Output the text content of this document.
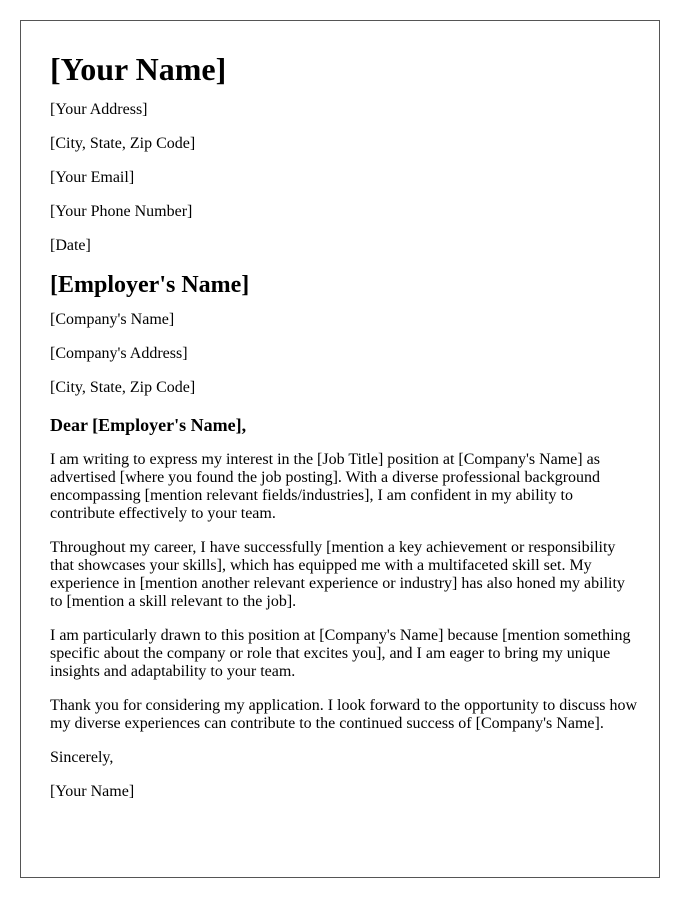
[Your Name]

[Your Address]

[City, State, Zip Code]

[Your Email]

[Your Phone Number]

[Date]

[Employer's Name]

[Company's Name]

[Company's Address]

[City, State, Zip Code]

Dear [Employer's Name],

I am writing to express my interest in the [Job Title] position at [Company's Name] as advertised [where you found the job posting]. With a diverse professional background encompassing [mention relevant fields/industries], I am confident in my ability to contribute effectively to your team.

Throughout my career, I have successfully [mention a key achievement or responsibility that showcases your skills], which has equipped me with a multifaceted skill set. My experience in [mention another relevant experience or industry] has also honed my ability to [mention a skill relevant to the job].

I am particularly drawn to this position at [Company's Name] because [mention something specific about the company or role that excites you], and I am eager to bring my unique insights and adaptability to your team.

Thank you for considering my application. I look forward to the opportunity to discuss how my diverse experiences can contribute to the continued success of [Company's Name].

Sincerely,

[Your Name]
